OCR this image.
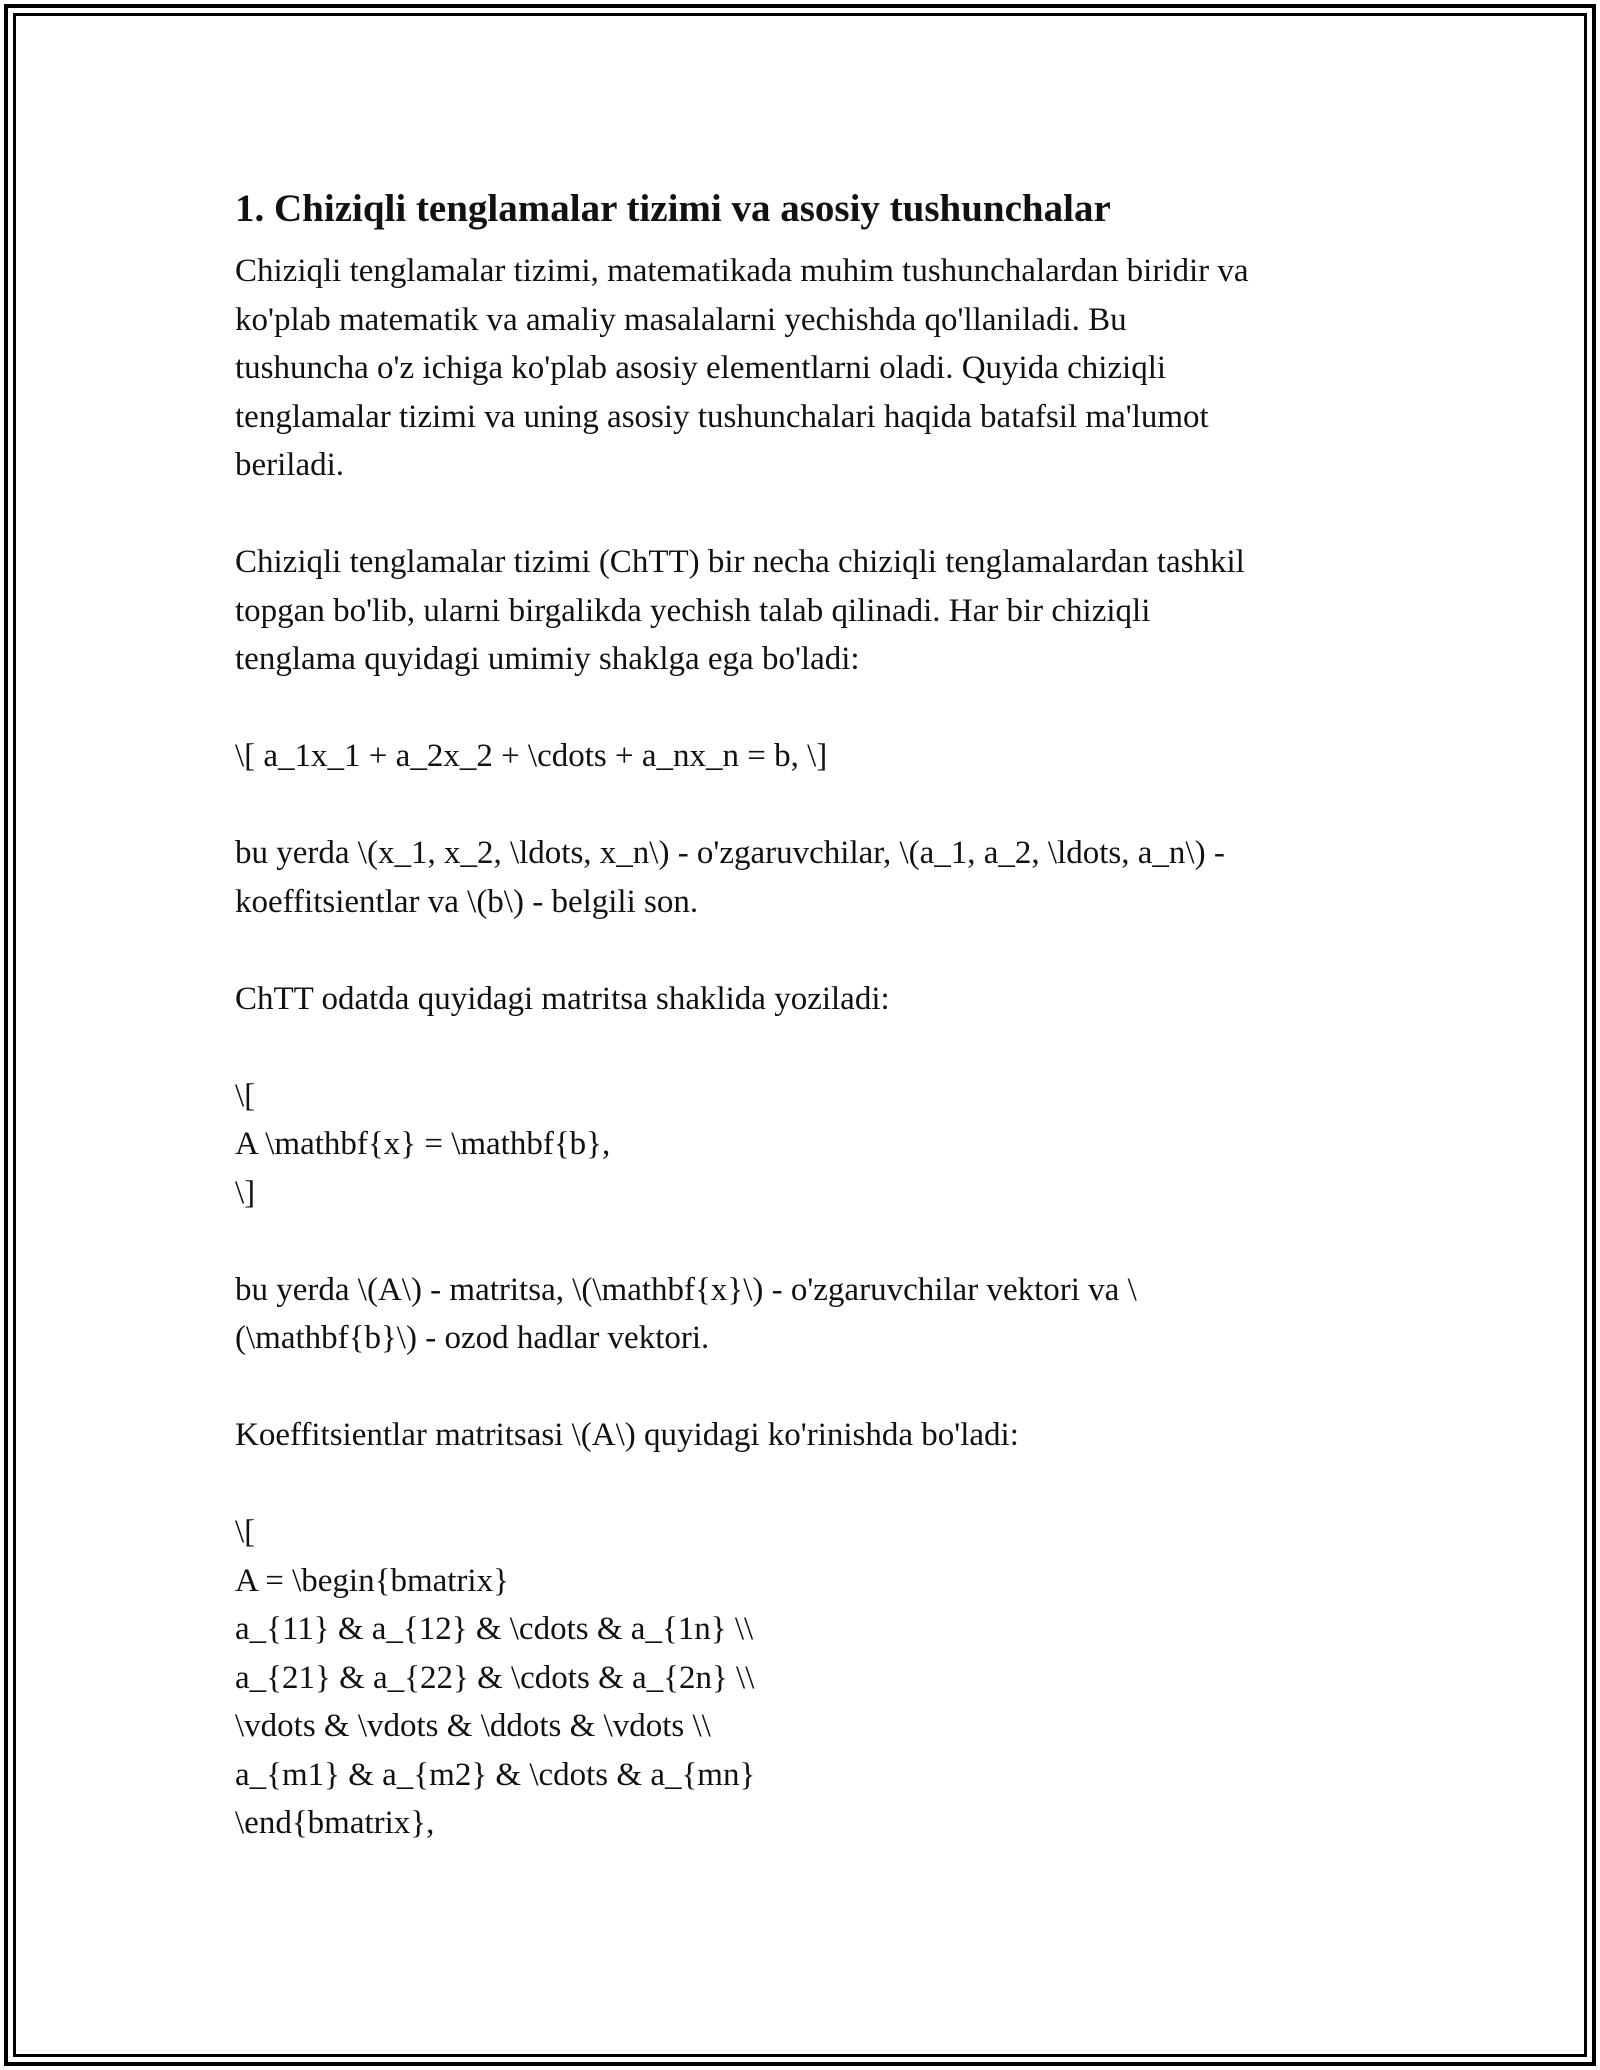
1. Chiziqli tenglamalar tizimi va asosiy tushunchalar
Chiziqli tenglamalar tizimi, matematikada muhim tushunchalardan biridir va
ko'plab matematik va amaliy masalalarni yechishda qo'llaniladi. Bu
tushuncha o'z ichiga ko'plab asosiy elementlarni oladi. Quyida chiziqli
tenglamalar tizimi va uning asosiy tushunchalari haqida batafsil ma'lumot
beriladi.
Chiziqli tenglamalar tizimi (ChTT) bir necha chiziqli tenglamalardan tashkil
topgan bo'lib, ularni birgalikda yechish talab qilinadi. Har bir chiziqli
tenglama quyidagi umimiy shaklga ega bo'ladi:
\[ a_1x_1 + a_2x_2 + \cdots + a_nx_n = b, \]
bu yerda \(x_1, x_2, \ldots, x_n\) - o'zgaruvchilar, \(a_1, a_2, \ldots, a_n\) -
koeffitsientlar va \(b\) - belgili son.
ChTT odatda quyidagi matritsa shaklida yoziladi:
\[
A \mathbf{x} = \mathbf{b},
\]
bu yerda \(A\) - matritsa, \(\mathbf{x}\) - o'zgaruvchilar vektori va \
(\mathbf{b}\) - ozod hadlar vektori.
Koeffitsientlar matritsasi \(A\) quyidagi ko'rinishda bo'ladi:
\[
A = \begin{bmatrix}
a_{11} & a_{12} & \cdots & a_{1n} \\
a_{21} & a_{22} & \cdots & a_{2n} \\
\vdots & \vdots & \ddots & \vdots \\
a_{m1} & a_{m2} & \cdots & a_{mn}
\end{bmatrix},
